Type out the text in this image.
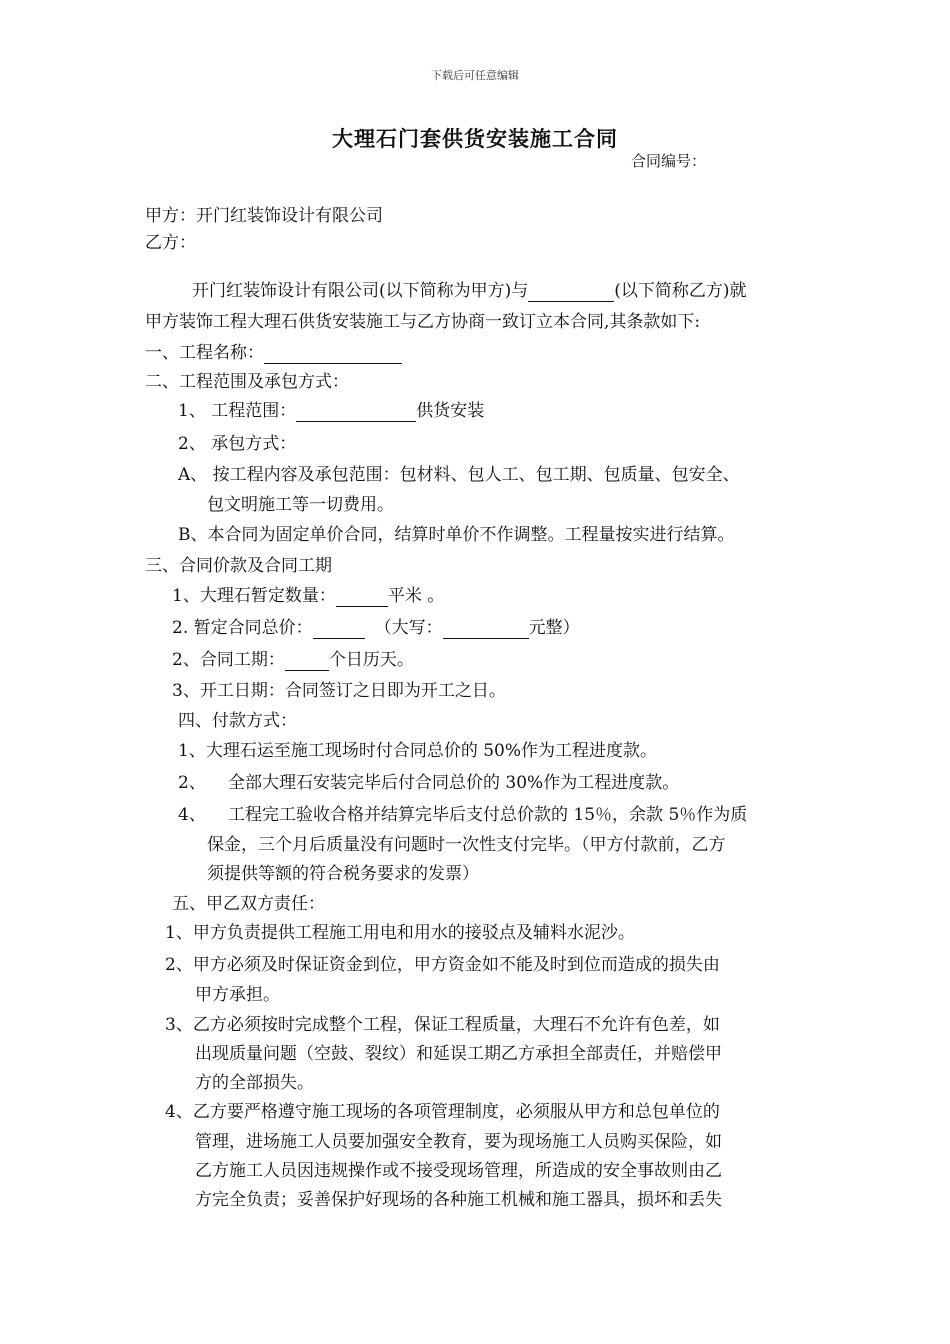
下载后可任意编辑
大理石门套供货安装施工合同
合同编号：
甲方：开门红装饰设计有限公司
乙方：
开门红装饰设计有限公司(以下简称为甲方)与	(以下简称乙方)就
甲方装饰工程大理石供货安装施工与乙方协商一致订立本合同,其条款如下:
一、工程名称：
二、工程范围及承包方式：
1、 工程范围：	供货安装
2、 承包方式：
A、 按工程内容及承包范围：包材料、包人工、包工期、包质量、包安全、
包文明施工等一切费用。
B、本合同为固定单价合同，结算时单价不作调整。工程量按实进行结算。
三、合同价款及合同工期
1、大理石暂定数量：	平米 。
2. 暂定合同总价：	（大写：	元整）
2、合同工期：	个日历天。
3、开工日期：合同签订之日即为开工之日。
四、付款方式：
1、大理石运至施工现场时付合同总价的 50%作为工程进度款。
2、 全部大理石安装完毕后付合同总价的 30%作为工程进度款。
4、 工程完工验收合格并结算完毕后支付总价款的 15％，余款 5％作为质
保金，三个月后质量没有问题时一次性支付完毕。（甲方付款前，乙方
须提供等额的符合税务要求的发票）
五、甲乙双方责任：
1、甲方负责提供工程施工用电和用水的接驳点及辅料水泥沙。
2、甲方必须及时保证资金到位，甲方资金如不能及时到位而造成的损失由
甲方承担。
3、乙方必须按时完成整个工程，保证工程质量，大理石不允许有色差，如
出现质量问题（空鼓、裂纹）和延误工期乙方承担全部责任，并赔偿甲
方的全部损失。
4、乙方要严格遵守施工现场的各项管理制度，必须服从甲方和总包单位的
管理，进场施工人员要加强安全教育，要为现场施工人员购买保险，如
乙方施工人员因违规操作或不接受现场管理，所造成的安全事故则由乙
方完全负责；妥善保护好现场的各种施工机械和施工器具，损坏和丢失
